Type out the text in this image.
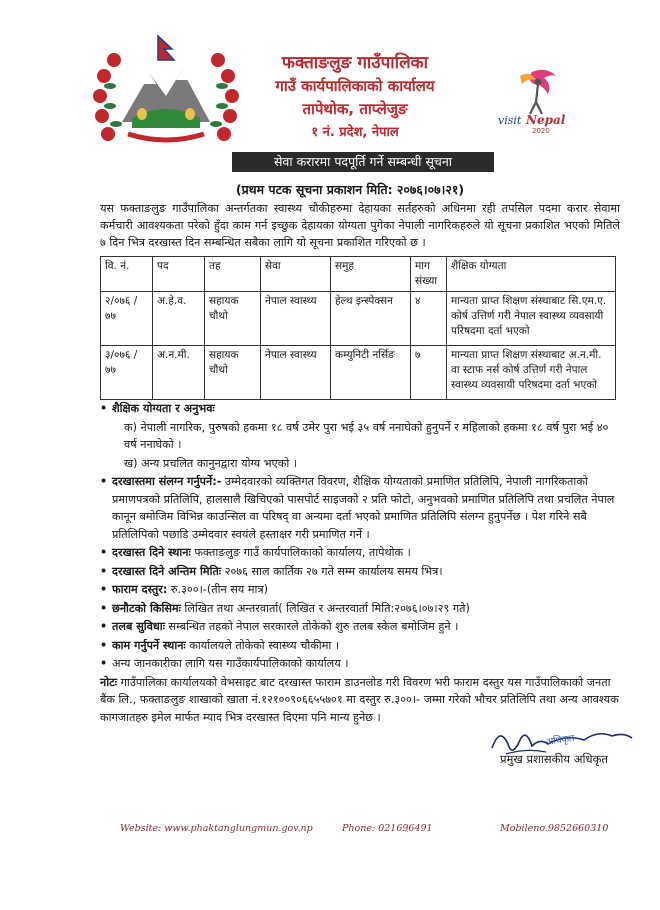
फक्ताङलुङ गाउँपालिका
गाउँ कार्यपालिकाको कार्यालय
तापेथोक, ताप्लेजुङ
१ नं. प्रदेश, नेपाल
visit Nepal
2020
सेवा करारमा पदपूर्ति गर्ने सम्बन्धी सूचना
(प्रथम पटक सूचना प्रकाशन मिति: २०७६।०७।२१)
यस फक्ताङलुङ गाउँपालिका अन्तर्गतका स्वास्थ्य चौकीहरुमा देहायका सर्तहरुको अधिनमा रही तपसिल पदमा करार सेवामा कर्मचारी आवश्यकता परेको हुँदा काम गर्न इच्छुक देहायका योग्यता पुगेका नेपाली नागरिकहरुले यो सूचना प्रकाशित भएको मितिले ७ दिन भित्र दरखास्त दिन सम्बन्धित सबैका लागि यो सूचना प्रकाशित गरिएको छ ।
वि. नं.	पद	तह	सेवा	समुह	माग संख्या	शैक्षिक योग्यता
२/०७६ /७७	अ.हे.व.	सहायक चौथो	नेपाल स्वास्थ्य	हेल्थ इन्स्पेक्सन	४	मान्यता प्राप्त शिक्षण संस्थाबाट सि.एम.ए. कोर्ष उत्तिर्ण गरी नेपाल स्वास्थ्य व्यवसायी परिषदमा दर्ता भएको
३/०७६ /७७	अ.न.मी.	सहायक चौथो	नेपाल स्वास्थ्य	कम्युनिटी नर्सिङ	७	मान्यता प्राप्त शिक्षण संस्थाबाट अ.न.मी. वा स्टाफ नर्स कोर्ष उत्तिर्ण गरी नेपाल स्वास्थ्य व्यवसायी परिषदमा दर्ता भएको
• शैक्षिक योग्यता र अनुभवः
क) नेपाली नागरिक, पुरुषको हकमा १८ वर्ष उमेर पुरा भई ३५ वर्ष ननाघेको हुनुपर्ने र महिलाको हकमा १८ वर्ष पुरा भई ४० वर्ष ननाघेको ।
ख) अन्य प्रचलित कानुनद्वारा योग्य भएको ।
• दरखास्तमा संलग्न गर्नुपर्ने:- उम्मेदवारको व्यक्तिगत विवरण, शैक्षिक योग्यताको प्रमाणित प्रतिलिपि, नेपाली नागरिकताको प्रमाणपत्रको प्रतिलिपि, हालसालै खिचिएको पासपोर्ट साइजको २ प्रति फोटो, अनुभवको प्रमाणित प्रतिलिपि तथा प्रचलित नेपाल कानून बमोजिम विभिन्न काउन्सिल वा परिषद् वा अन्यमा दर्ता भएको प्रमाणित प्रतिलिपि संलग्न हुनुपर्नेछ । पेश गरिने सबै प्रतिलिपिको पछाडि उम्मेदवार स्वयंले हस्ताक्षर गरी प्रमाणित गर्ने ।
• दरखास्त दिने स्थानः फक्ताङलुङ गाउँ कार्यपालिकाको कार्यालय, तापेथोक ।
• दरखास्त दिने अन्तिम मितिः २०७६ साल कार्तिक २७ गते सम्म कार्यालय समय भित्र।
• फाराम दस्तुर: रु.३००।-(तीन सय मात्र)
• छनौटको किसिमः लिखित तथा अन्तरवार्ता( लिखित र अन्तरवार्ता मिति:२०७६।०७।२९ गते)
• तलब सुविधाः सम्बन्धित तहको नेपाल सरकारले तोकेको शुरु तलब स्केल बमोजिम हुने ।
• काम गर्नुपर्ने स्थानः कार्यालयले तोकेको स्वास्थ्य चौकीमा ।
• अन्य जानकारीका लागि यस गाउँकार्यपालिकाको कार्यालय ।
नोटः गाउँपालिका कार्यालयको वेभसाइट बाट दरखास्त फाराम डाउनलोड गरी विवरण भरी फाराम दस्तुर यस गाउँपालिकाको जनता बैंक लि., फक्ताङलुङ शाखाको खाता नं.१२१००९०६६५५७०१ मा दस्तुर रु.३००।- जम्मा गरेको भौचर प्रतिलिपि तथा अन्य आवश्यक कागजातहरु इमेल मार्फत म्याद भित्र दरखास्त दिएमा पनि मान्य हुनेछ ।
अधिकृत
प्रमुख प्रशासकीय अधिकृत
Website: www.phaktanglungmun.gov.np	Phone: 021696491	Mobileno.9852660310
